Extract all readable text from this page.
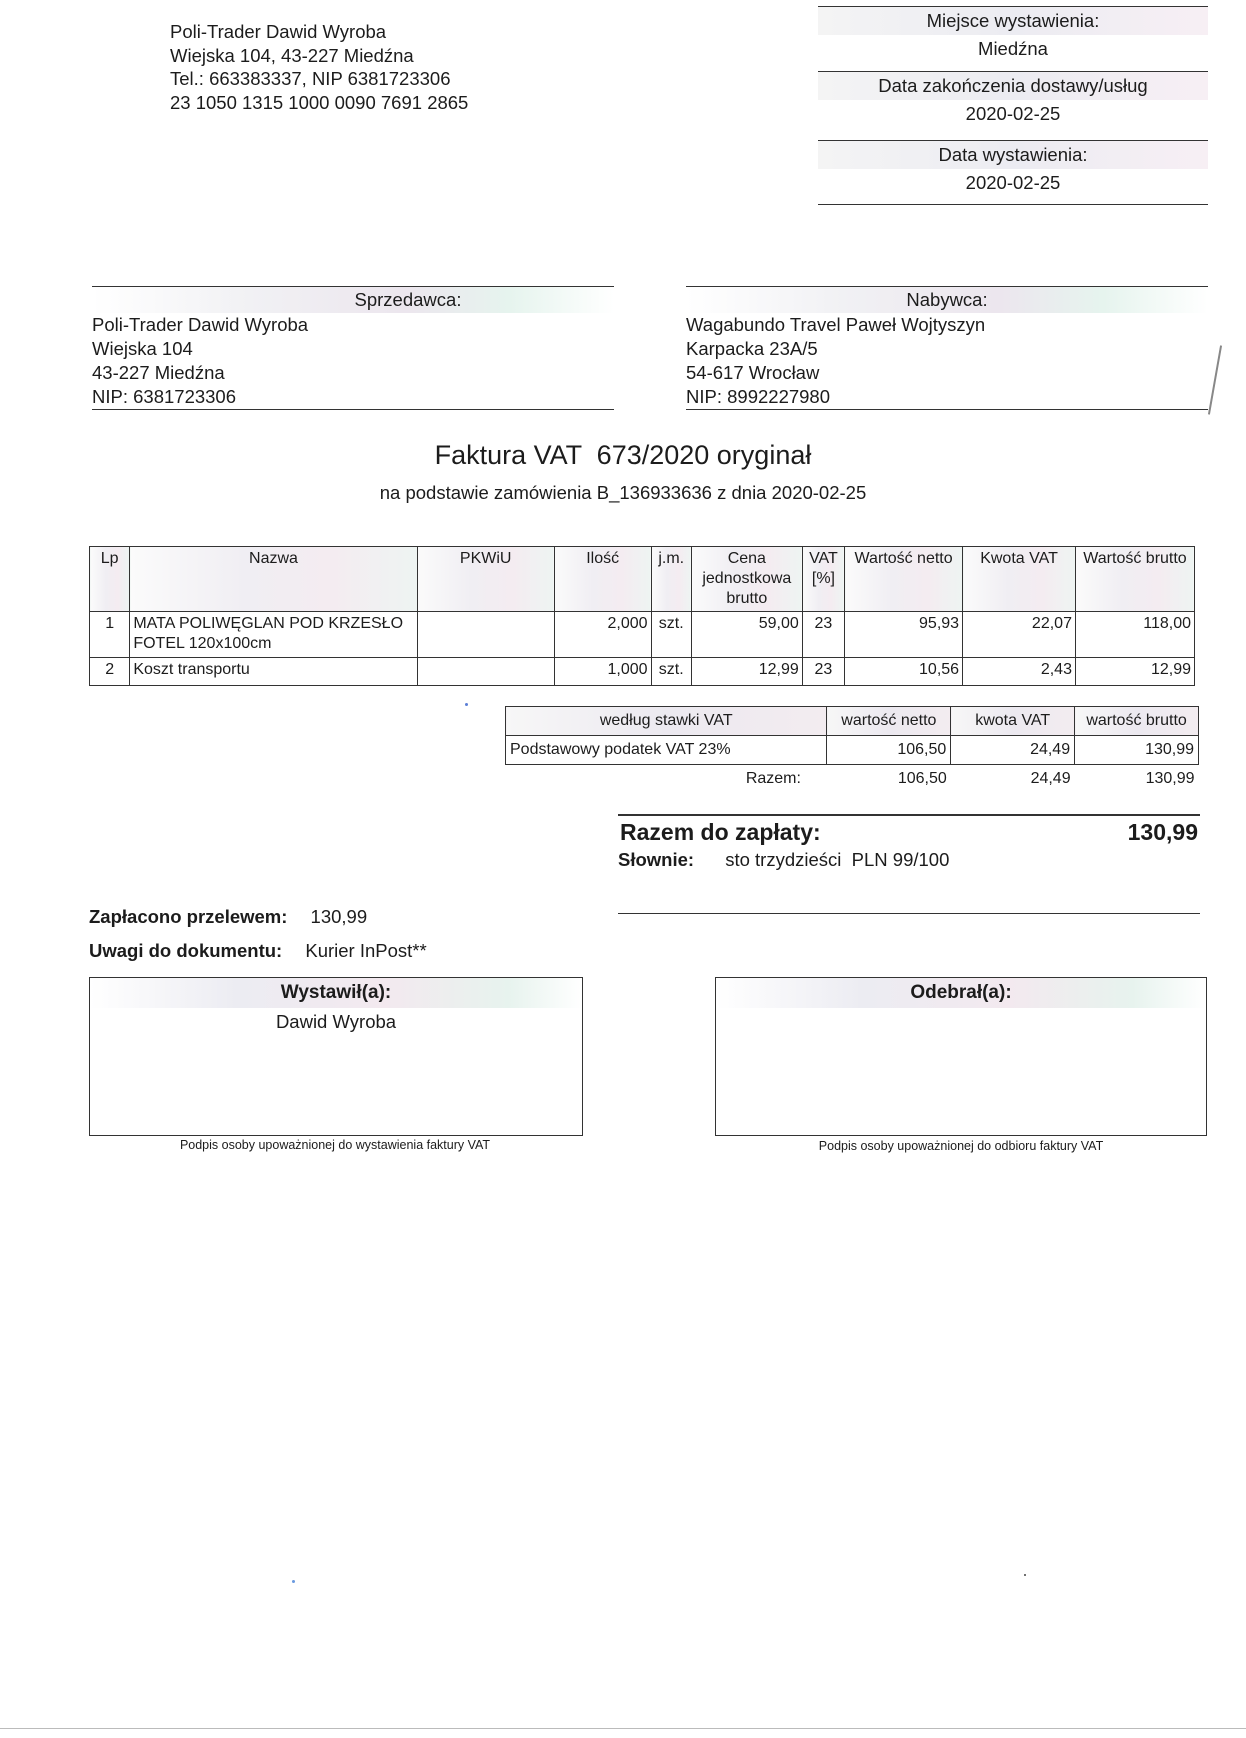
Poli-Trader Dawid Wyroba
Wiejska 104, 43-227 Miedźna
Tel.: 663383337, NIP 6381723306
23 1050 1315 1000 0090 7691 2865
Miejsce wystawienia:
Miedźna
Data zakończenia dostawy/usług
2020-02-25
Data wystawienia:
2020-02-25
Sprzedawca:
Poli-Trader Dawid Wyroba
Wiejska 104
43-227 Miedźna
NIP: 6381723306
Nabywca:
Wagabundo Travel Paweł Wojtyszyn
Karpacka 23A/5
54-617 Wrocław
NIP: 8992227980
Faktura VAT  673/2020 oryginał
na podstawie zamówienia B_136933636 z dnia 2020-02-25
Lp	Nazwa	PKWiU	Ilość	j.m.	Cena jednostkowa brutto	VAT [%]	Wartość netto	Kwota VAT	Wartość brutto
1	MATA POLIWĘGLAN POD KRZESŁO FOTEL 120x100cm		2,000	szt.	59,00	23	95,93	22,07	118,00
2	Koszt transportu		1,000	szt.	12,99	23	10,56	2,43	12,99
według stawki VAT	wartość netto	kwota VAT	wartość brutto
Podstawowy podatek VAT 23%	106,50	24,49	130,99
Razem:	106,50	24,49	130,99
Razem do zapłaty:	130,99
Słownie: sto trzydzieści  PLN 99/100
Zapłacono przelewem: 130,99
Uwagi do dokumentu: Kurier InPost**
Wystawił(a):
Dawid Wyroba
Podpis osoby upoważnionej do wystawienia faktury VAT
Odebrał(a):
Podpis osoby upoważnionej do odbioru faktury VAT
